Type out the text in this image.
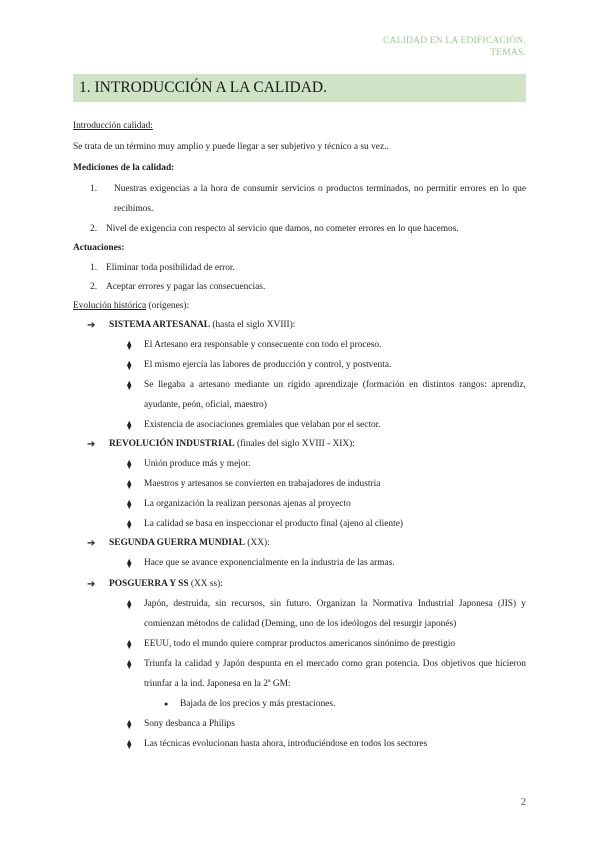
CALIDAD EN LA EDIFICACIÓN.
TEMAS.
1. INTRODUCCIÓN A LA CALIDAD.
Introducción calidad:
Se trata de un término muy amplio y puede llegar a ser subjetivo y técnico a su vez..
Mediciones de la calidad:
1. Nuestras exigencias a la hora de consumir servicios o productos terminados, no permitir errores en lo que
recibimos.
2. Nivel de exigencia con respecto al servicio que damos, no cometer errores en lo que hacemos.
Actuaciones:
1. Eliminar toda posibilidad de error.
2. Aceptar errores y pagar las consecuencias.
Evolución histórica (orígenes):
➔ SISTEMA ARTESANAL (hasta el siglo XVIII):
⧫ El Artesano era responsable y consecuente con todo el proceso.
⧫ El mismo ejercía las labores de producción y control, y postventa.
⧫ Se llegaba a artesano mediante un rígido aprendizaje (formación en distintos rangos: aprendiz,
ayudante, peón, oficial, maestro)
⧫ Existencia de asociaciones gremiales que velaban por el sector.
➔ REVOLUCIÓN INDUSTRIAL (finales del siglo XVIII - XIX):
⧫ Unión produce más y mejor.
⧫ Maestros y artesanos se convierten en trabajadores de industria
⧫ La organización la realizan personas ajenas al proyecto
⧫ La calidad se basa en inspeccionar el producto final (ajeno al cliente)
➔ SEGUNDA GUERRA MUNDIAL (XX):
⧫ Hace que se avance exponencialmente en la industria de las armas.
➔ POSGUERRA Y SS (XX ss):
⧫ Japón, destruida, sin recursos, sin futuro. Organizan la Normativa Industrial Japonesa (JIS) y
comienzan métodos de calidad (Deming, uno de los ideólogos del resurgir japonés)
⧫ EEUU, todo el mundo quiere comprar productos americanos sinónimo de prestigio
⧫ Triunfa la calidad y Japón despunta en el mercado como gran potencia. Dos objetivos que hicieron
triunfar a la ind. Japonesa en la 2ª GM:
● Bajada de los precios y más prestaciones.
⧫ Sony desbanca a Philips
⧫ Las técnicas evolucionan hasta ahora, introduciéndose en todos los sectores
2
